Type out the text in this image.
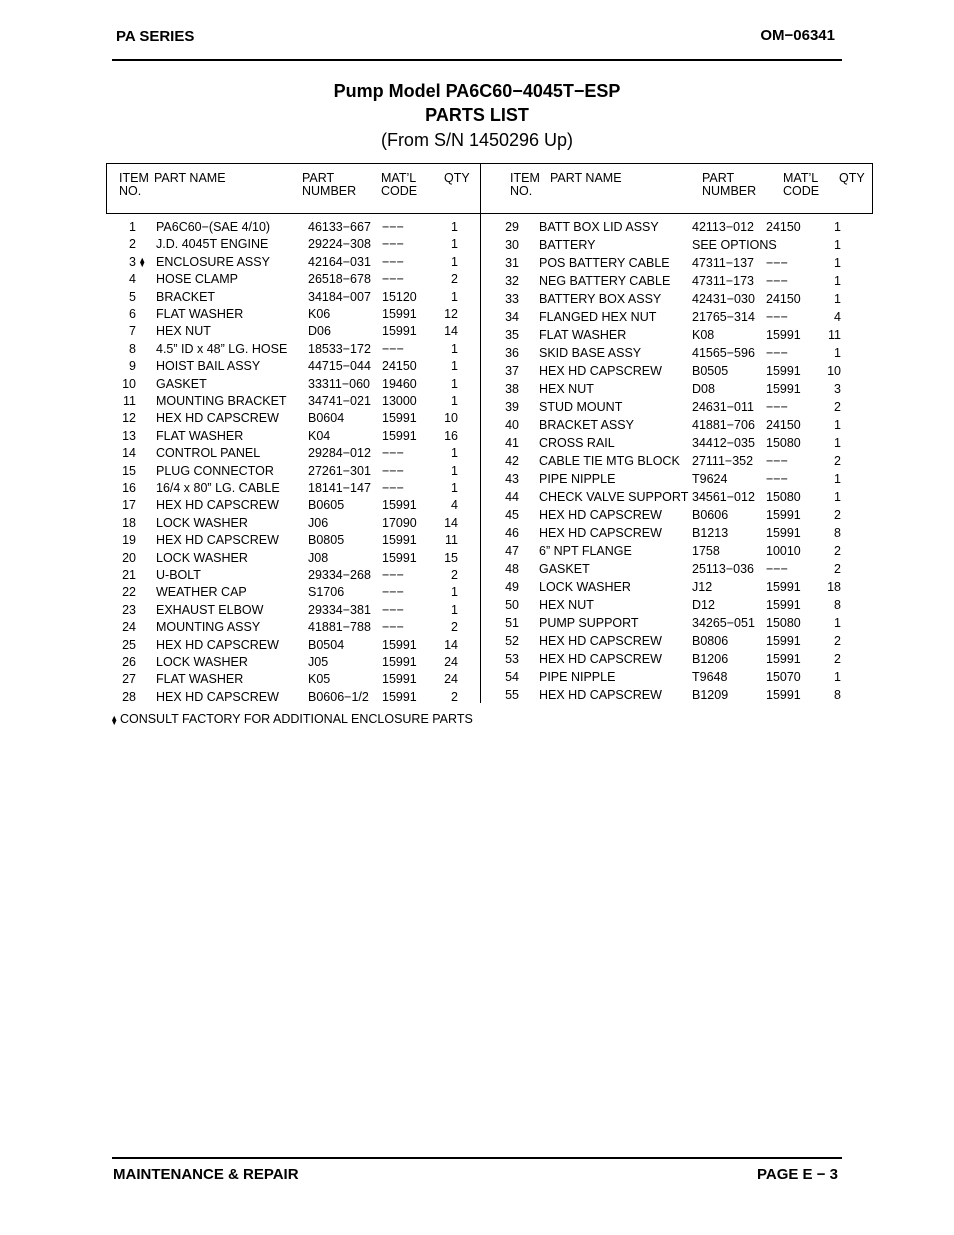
PA SERIES	OM−06341
Pump Model PA6C60−4045T−ESP
PARTS LIST
(From S/N 1450296 Up)
ITEM
NO.
PART NAME	PART
NUMBER
MAT’L
CODE
QTY	ITEM
NO.
PART NAME	PART
NUMBER
MAT’L
CODE
QTY
1 PA6C60−(SAE 4/10)	46133−667 −−−	1
2 J.D. 4045T ENGINE	29224−308 −−−	1
3 ENCLOSURE ASSY	42164−031 −−−	1
⧫
4 HOSE CLAMP	26518−678 −−−	2
5 BRACKET	34184−007 15120	1
6 FLAT WASHER	K06	15991	12
7 HEX NUT	D06	15991	14
8 4.5” ID x 48” LG. HOSE 18533−172 −−−	1
9 HOIST BAIL ASSY	44715−044 24150	1
10 GASKET	33311−060 19460	1
11 MOUNTING BRACKET 34741−021 13000	1
12 HEX HD CAPSCREW B0604	15991	10
13 FLAT WASHER	K04	15991	16
14 CONTROL PANEL	29284−012 −−−	1
15 PLUG CONNECTOR	27261−301 −−−	1
16 16/4 x 80” LG. CABLE 18141−147 −−−	1
17 HEX HD CAPSCREW B0605	15991	4
18 LOCK WASHER	J06	17090	14
19 HEX HD CAPSCREW B0805	15991	11
20 LOCK WASHER	J08	15991	15
21 U-BOLT	29334−268 −−−	2
22 WEATHER CAP	S1706	−−−	1
23 EXHAUST ELBOW	29334−381 −−−	1
24 MOUNTING ASSY	41881−788 −−−	2
25 HEX HD CAPSCREW B0504	15991	14
26 LOCK WASHER	J05	15991	24
27 FLAT WASHER	K05	15991	24
28 HEX HD CAPSCREW B0606−1/2 15991	2
29 BATT BOX LID ASSY	42113−012 24150	1
30 BATTERY	SEE OPTIONS	1
31 POS BATTERY CABLE 47311−137 −−−	1
32 NEG BATTERY CABLE 47311−173 −−−	1
33 BATTERY BOX ASSY 42431−030 24150	1
34 FLANGED HEX NUT	21765−314 −−−	4
35 FLAT WASHER	K08	15991	11
36 SKID BASE ASSY	41565−596 −−−	1
37 HEX HD CAPSCREW B0505	15991	10
38 HEX NUT	D08	15991	3
39 STUD MOUNT	24631−011 −−−	2
40 BRACKET ASSY	41881−706 24150	1
41 CROSS RAIL	34412−035 15080	1
42 CABLE TIE MTG BLOCK 27111−352 −−−	2
43 PIPE NIPPLE	T9624	−−−	1
44 CHECK VALVE SUPPORT 34561−012 15080	1
45 HEX HD CAPSCREW B0606	15991	2
46 HEX HD CAPSCREW B1213	15991	8
47 6” NPT FLANGE	1758	10010	2
48 GASKET	25113−036 −−−	2
49 LOCK WASHER	J12	15991	18
50 HEX NUT	D12	15991	8
51 PUMP SUPPORT	34265−051 15080	1
52 HEX HD CAPSCREW B0806	15991	2
53 HEX HD CAPSCREW B1206	15991	2
54 PIPE NIPPLE	T9648	15070	1
55 HEX HD CAPSCREW B1209	15991	8
⧫ CONSULT FACTORY FOR ADDITIONAL ENCLOSURE PARTS
MAINTENANCE & REPAIR	PAGE E − 3
